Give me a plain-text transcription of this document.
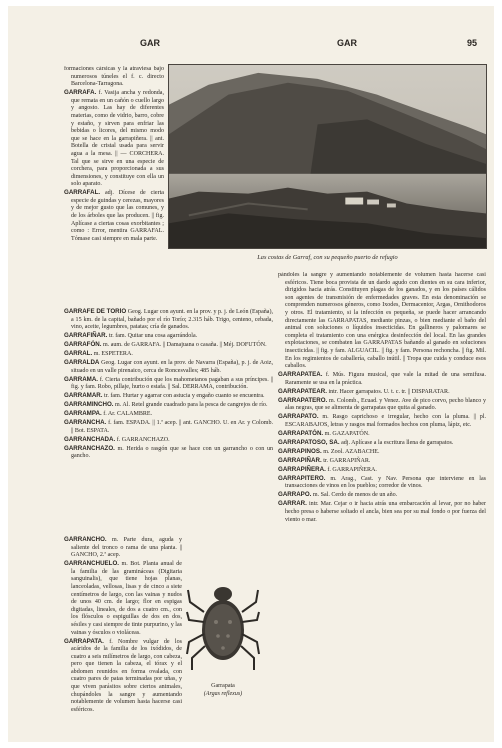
GAR	GAR	95

formaciones cársicas y la atraviesa bajo numerosos túneles el f. c. directo Barcelona-Tarragona.

GARRAFA. f. Vasija ancha y redonda, que remata en un cañón o cuello largo y angosto. Las hay de diferentes materias, como de vidrio, barro, cobre y estaño, y sirven para enfriar las bebidas o licores, del mismo modo que se hace en la garrapiñera. || ant. Botella de cristal usada para servir agua a la mesa. || — CORCHERA. Tal que se sirve en una especie de corchera, para proporcionada a sus dimensiones, y constituye con ella un solo aparato.

GARRAFAL. adj. Dícese de cierta especie de guindas y cerezas, mayores y de mejor gusto que las comunes, y de los árboles que las producen. || fig. Aplícase a ciertas cosas exorbitantes ; como : Error, mentira GARRAFAL. Tómase casi siempre en mala parte.

Las costas de Garraf, con su pequeño puerto de refugio

GARRAFE DE TORÍO Geog. Lugar con ayunt. en la prov. y p. j. de León (España), a 15 km. de la capital, bañado por el río Torío; 2.315 háb. Trigo, centeno, cebada, vino, aceite, legumbres, patatas; cría de ganados.

GARRAFIÑAR. tr. fam. Quitar una cosa agarrándola.

GARRAFÓN. m. aum. de GARRAFA. || Damajuana o casaña. || Méj. DOFUTÓN.

GARRAL. m. ESPETERA.

GARRALDA Geog. Lugar con ayunt. en la prov. de Navarra (España), p. j. de Aoiz, situado en un valle pirenaico, cerca de Roncesvalles; 485 háb.

GARRAMA. f. Cierta contribución que los mahometanos pagaban a sus príncipes. || fig. y fam. Robo, pillaje, hurto o estafa. || Sal. DERRAMA, contribución.

GARRAMAR. tr. fam. Hurtar y agarrar con astucia y engaño cuanto se encuentra.

GARRAMINCHO. m. Al. Retel grande cuadrado para la pesca de cangrejos de río.

GARRAMPA. f. Ar. CALAMBRE.

GARRANCHA. f. fam. ESPADA. || 1.ª acep. || ant. GANCHO. U. en Ar. y Colomb. || Bot. ESPATA.

GARRANCHADA. f. GARRANCHAZO.

GARRANCHAZO. m. Herida o rasgón que se hace con un garrancho o con un gancho.

GARRANCHO. m. Parte dura, aguda y saliente del tronco o rama de una planta. || GANCHO, 2.ª acep.

GARRANCHUELO. m. Bot. Planta anual de la familia de las gramináceas (Digitaria sanguinalis), que tiene hojas planas, lanceoladas, vellosas, lisas y de cinco a siete centímetros de largo, con las vainas y nudos de unos 40 cm. de largo; flor en espigas digitadas, lineales, de dos a cuatro cm., con los flósculos o espiguillas de dos en dos, sésiles y casi siempre de tinte purpurino, y las vainas y ósculos o violáceas.

GARRAPATA. f. Nombre vulgar de los acáridos de la familia de los ixódidos, de cuatro a seis milímetros de largo, con cabeza, pero que tienen la cabeza, el tórax y el abdomen reunidos en forma ovalada, con cuatro pares de patas terminadas por uñas, y que viven parásitos sobre ciertos animales, chupándoles la sangre y aumentando notablemente de volumen hasta hacerse casi esféricos.

Garrapata
(Argas reflexus)

pándoles la sangre y aumentando notablemente de volumen hasta hacerse casi esféricos. Tiene boca provista de un dardo agudo con dientes en su cara inferior, dirigidos hacia atrás. Constituyen plagas de los ganados, y en los países cálidos son agentes de transmisión de enfermedades graves. En esta denominación se comprenden numerosos géneros, como Ixodes, Dermacentor, Argas, Ornithodoros y otros. El tratamiento, si la infección es pequeña, se puede hacer arrancando directamente las GARRAPATAS, mediante pinzas, o bien mediante el baño del animal con soluciones o líquidos insecticidas. En gallineros y palomares se completa el tratamiento con una enérgica desinfección del local. En las grandes explotaciones, se combaten las GARRAPATAS bañando al ganado en soluciones insecticidas. || fig. y fam. ALGUACIL. || fig. y fam. Persona rechoncha. || fig. Mil. En los regimientos de caballería, caballo inútil. || Tropa que cuida y conduce esos caballos.

GARRAPATEA. f. Mús. Figura musical, que vale la mitad de una semifusa. Raramente se usa en la práctica.

GARRAPATEAR. intr. Hacer garrapatos. U. t. c. tr. || DISPARATAR.

GARRAPATERO. m. Colomb., Ecuad. y Venez. Ave de pico corvo, pecho blanco y alas negras, que se alimenta de garrapatas que quita al ganado.

GARRAPATO. m. Rasgo caprichoso e irregular, hecho con la pluma. || pl. ESCARABAJOS, letras y rasgos mal formados hechos con pluma, lápiz, etc.

GARRAPATÓN. m. GAZAPATÓN.

GARRAPATOSO, SA. adj. Aplícase a la escritura llena de garrapatos.

GARRAPINOS. m. Zool. AZABACHE.

GARRAPIÑAR. tr. GARRAPIÑAR.

GARRAPIÑERA. f. GARRAPIÑERA.

GARRAPITERO. m. Arag., Cast. y Nav. Persona que interviene en las transacciones de vinos en los pueblos; corredor de vinos.

GARRAPO. m. Sal. Cerdo de menos de un año.

GARRAR. intr. Mar. Cejar o ir hacia atrás una embarcación al levar, por no haber hecho presa o haberse soltado el ancla, bien sea por su mal fondo o por fuerza del viento o mar.
